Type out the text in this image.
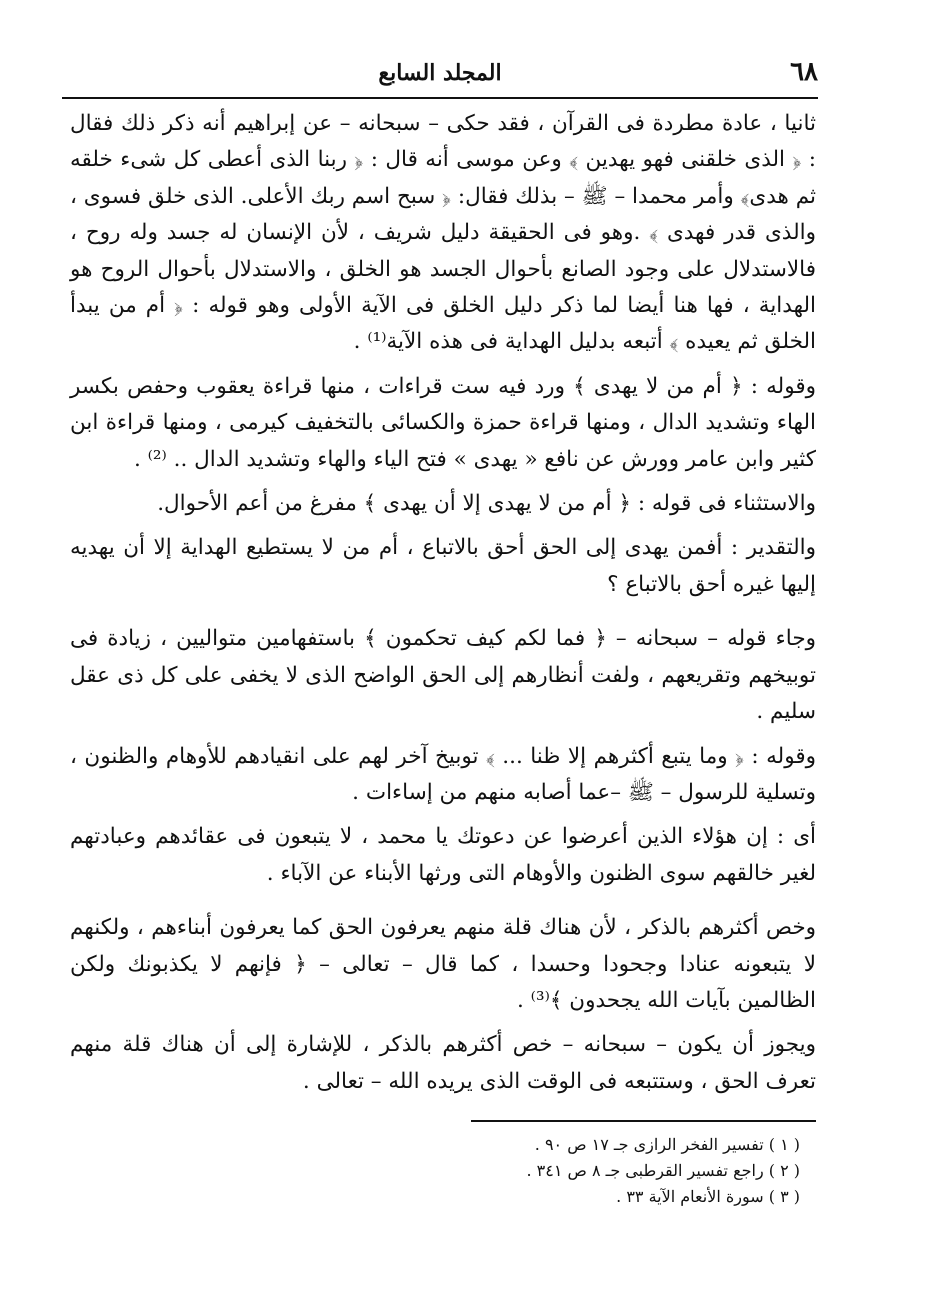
٦٨
المجلد السابع

ثانيا ، عادة مطردة فى القرآن ، فقد حكى – سبحانه – عن إبراهيم أنه ذكر ذلك فقال : ﴿ الذى خلقنى فهو يهدين ﴾ وعن موسى أنه قال : ﴿ ربنا الذى أعطى كل شىء خلقه ثم هدى﴾ وأمر محمدا – ﷺ – بذلك فقال: ﴿ سبح اسم ربك الأعلى. الذى خلق فسوى ، والذى قدر فهدى ﴾ .وهو فى الحقيقة دليل شريف ، لأن الإنسان له جسد وله روح ، فالاستدلال على وجود الصانع بأحوال الجسد هو الخلق ، والاستدلال بأحوال الروح هو الهداية ، فها هنا أيضا لما ذكر دليل الخلق فى الآية الأولى وهو قوله : ﴿ أم من يبدأ الخلق ثم يعيده ﴾ أتبعه بدليل الهداية فى هذه الآية⁽¹⁾ .

وقوله : ﴿ أم من لا يهدى ﴾ ورد فيه ست قراءات ، منها قراءة يعقوب وحفص بكسر الهاء وتشديد الدال ، ومنها قراءة حمزة والكسائى بالتخفيف كيرمى ، ومنها قراءة ابن كثير وابن عامر وورش عن نافع « يهدى » فتح الياء والهاء وتشديد الدال .. ⁽²⁾ .

والاستثناء فى قوله : ﴿ أم من لا يهدى إلا أن يهدى ﴾ مفرغ من أعم الأحوال.

والتقدير : أفمن يهدى إلى الحق أحق بالاتباع ، أم من لا يستطيع الهداية إلا أن يهديه إليها غيره أحق بالاتباع ؟

وجاء قوله – سبحانه – ﴿ فما لكم كيف تحكمون ﴾ باستفهامين متواليين ، زيادة فى توبيخهم وتقريعهم ، ولفت أنظارهم إلى الحق الواضح الذى لا يخفى على كل ذى عقل سليم .

وقوله : ﴿ وما يتبع أكثرهم إلا ظنا ... ﴾ توبيخ آخر لهم على انقيادهم للأوهام والظنون ، وتسلية للرسول – ﷺ –عما أصابه منهم من إساءات .

أى : إن هؤلاء الذين أعرضوا عن دعوتك يا محمد ، لا يتبعون فى عقائدهم وعبادتهم لغير خالقهم سوى الظنون والأوهام التى ورثها الأبناء عن الآباء .

وخص أكثرهم بالذكر ، لأن هناك قلة منهم يعرفون الحق كما يعرفون أبناءهم ، ولكنهم لا يتبعونه عنادا وجحودا وحسدا ، كما قال – تعالى – ﴿ فإنهم لا يكذبونك ولكن الظالمين بآيات الله يجحدون ﴾⁽³⁾ .

ويجوز أن يكون – سبحانه – خص أكثرهم بالذكر ، للإشارة إلى أن هناك قلة منهم تعرف الحق ، وستتبعه فى الوقت الذى يريده الله – تعالى .

( ١ ) تفسير الفخر الرازى جـ ١٧ ص ٩٠ .

( ٢ ) راجع تفسير القرطبى جـ ٨ ص ٣٤١ .

( ٣ ) سورة الأنعام الآية ٣٣ .
